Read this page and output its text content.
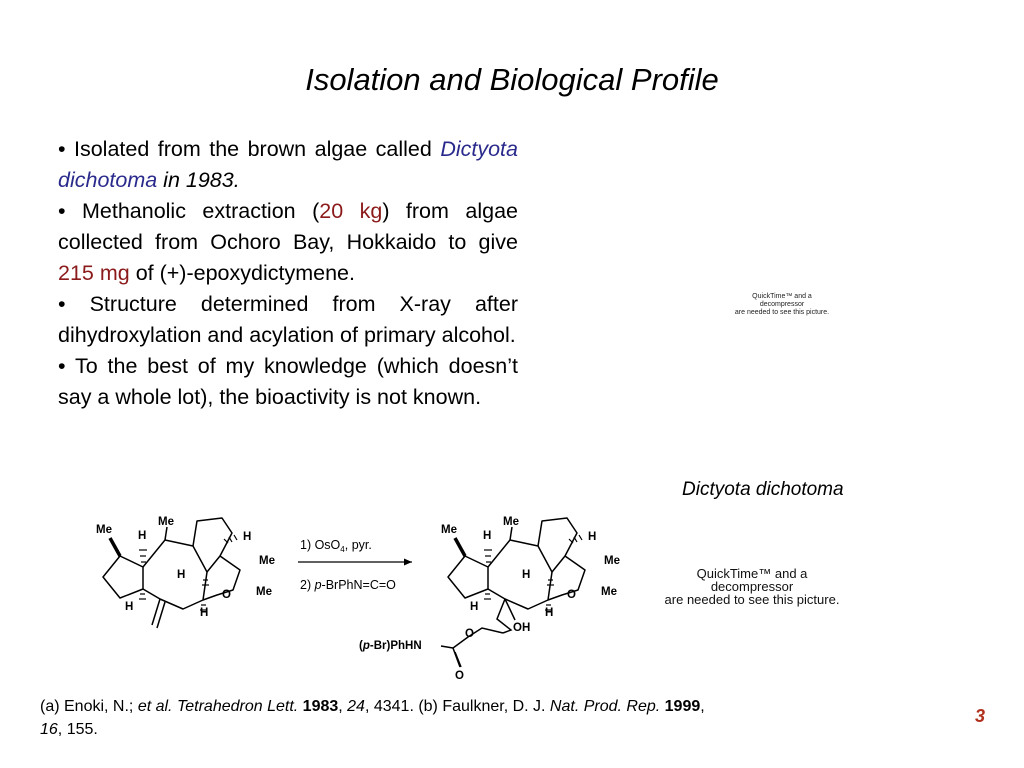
Isolation and Biological Profile

• Isolated from the brown algae called Dictyota dichotoma in 1983.

• Methanolic extraction (20 kg) from algae collected from Ochoro Bay, Hokkaido to give 215 mg of (+)-epoxydictymene.

• Structure determined from X-ray after dihydroxylation and acylation of primary alcohol.

• To the best of my knowledge (which doesn’t say a whole lot), the bioactivity is not known.

QuickTime™ and a
decompressor
are needed to see this picture.
Dictyota dichotoma
QuickTime™ and a
decompressor
are needed to see this picture.
Me H
Me
H
Me
Me
H
O
H	H
1) OsO$_4$, pyr.
2) p-BrPhN=C=O
Me H
Me
H
Me
Me
H
O
H	H
OH
O
O
(p-Br)PhHN
(a) Enoki, N.; et al. Tetrahedron Lett. 1983, 24, 4341. (b) Faulkner, D. J. Nat. Prod. Rep. 1999,
16, 155.
3
